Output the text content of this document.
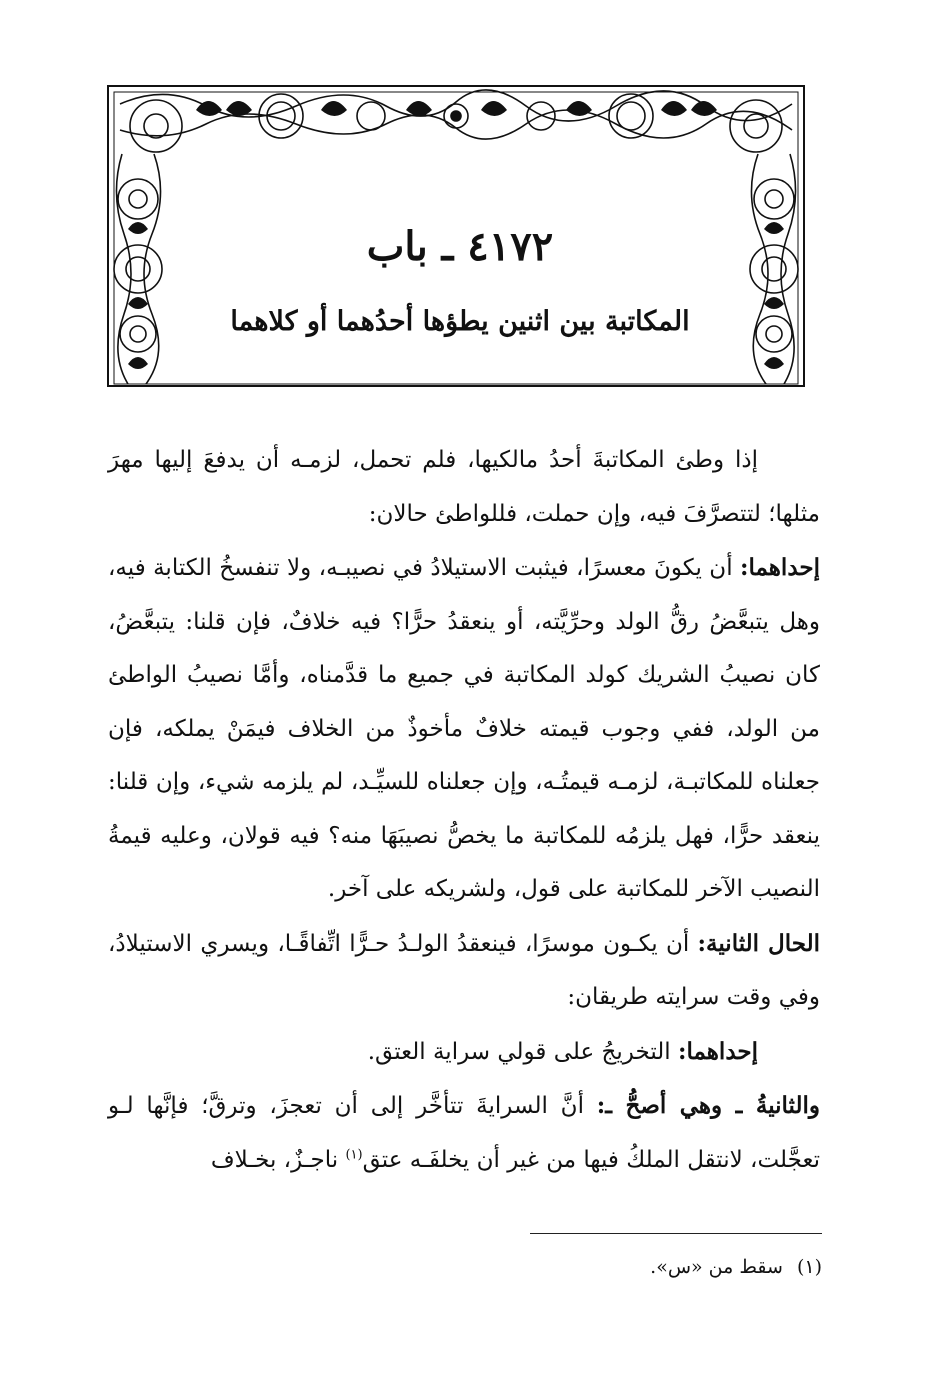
٤١٧٢ ـ باب
المكاتبة بين اثنين يطؤها أحدُهما أو كلاهما

إذا وطئ المكاتبةَ أحدُ مالكيها، فلم تحمل، لزمـه أن يدفعَ إليها مهرَ مثلها؛ لتتصرَّفَ فيه، وإن حملت، فللواطئ حالان:

إحداهما: أن يكونَ معسرًا، فيثبت الاستيلادُ في نصيبـه، ولا تنفسخُ الكتابة فيه، وهل يتبعَّضُ رقُّ الولد وحرِّيَّته، أو ينعقدُ حرًّا؟ فيه خلافٌ، فإن قلنا: يتبعَّضُ، كان نصيبُ الشريك كولد المكاتبة في جميع ما قدَّمناه، وأمَّا نصيبُ الواطئ من الولد، ففي وجوب قيمته خلافٌ مأخوذٌ من الخلاف فيمَنْ يملكه، فإن جعلناه للمكاتبـة، لزمـه قيمتُـه، وإن جعلناه للسيِّـد، لم يلزمه شيء، وإن قلنا: ينعقد حرًّا، فهل يلزمُه للمكاتبة ما يخصُّ نصيبَهَا منه؟ فيه قولان، وعليه قيمةُ النصيب الآخر للمكاتبة على قول، ولشريكه على آخر.

الحال الثانية: أن يكـون موسرًا، فينعقدُ الولـدُ حـرًّا اتِّفاقًـا، ويسري الاستيلادُ، وفي وقت سرايته طريقان:

إحداهما: التخريجُ على قولي سراية العتق.

والثانيةُ ـ وهي أصحُّ ـ: أنَّ السرايةَ تتأخَّر إلى أن تعجزَ، وترقَّ؛ فإنَّها لـو تعجَّلت، لانتقل الملكُ فيها من غير أن يخلفَـه عتق$^{(١)}$ ناجـزٌ، بخـلاف

(١)سقط من «س».
